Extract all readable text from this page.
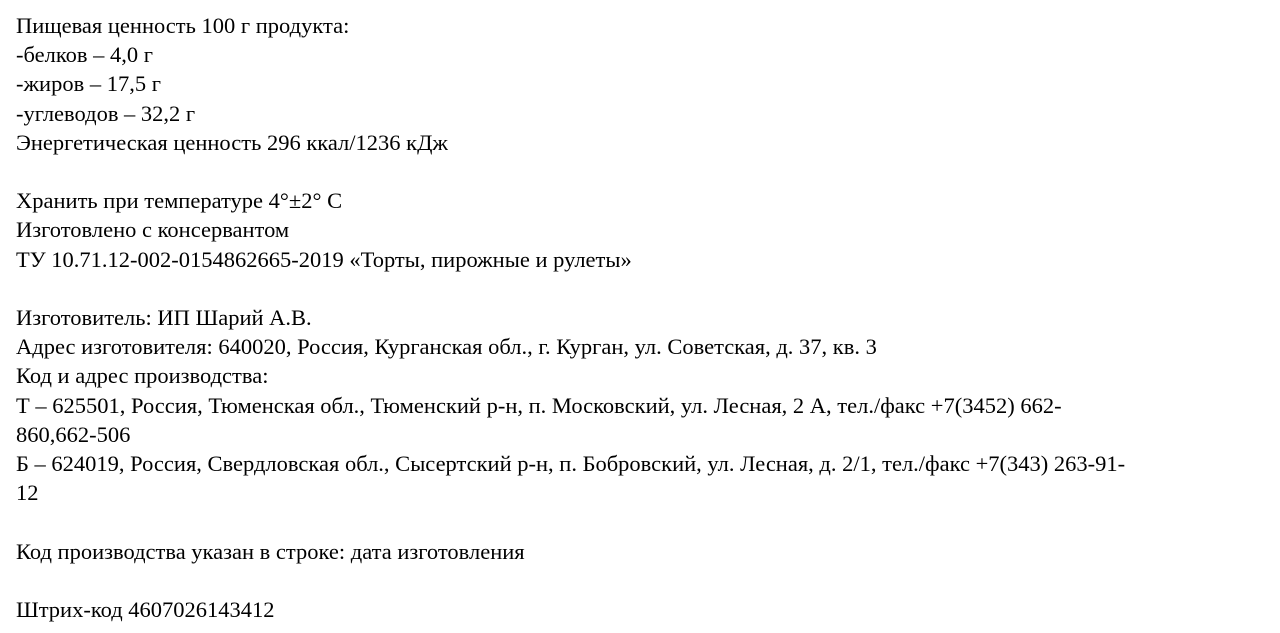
Пищевая ценность 100 г продукта:
-белков – 4,0 г
-жиров – 17,5 г
-углеводов – 32,2 г
Энергетическая ценность 296 ккал/1236 кДж
Хранить при температуре 4°±2° С
Изготовлено с консервантом
ТУ 10.71.12-002-0154862665-2019 «Торты, пирожные и рулеты»
Изготовитель: ИП Шарий А.В.
Адрес изготовителя: 640020, Россия, Курганская обл., г. Курган, ул. Советская, д. 37, кв. 3
Код и адрес производства:
Т – 625501, Россия, Тюменская обл., Тюменский р-н, п. Московский, ул. Лесная, 2 А, тел./факс +7(3452) 662-
860,662-506
Б – 624019, Россия, Свердловская обл., Сысертский р-н, п. Бобровский, ул. Лесная, д. 2/1, тел./факс +7(343) 263-91-
12
Код производства указан в строке: дата изготовления
Штрих-код 4607026143412
